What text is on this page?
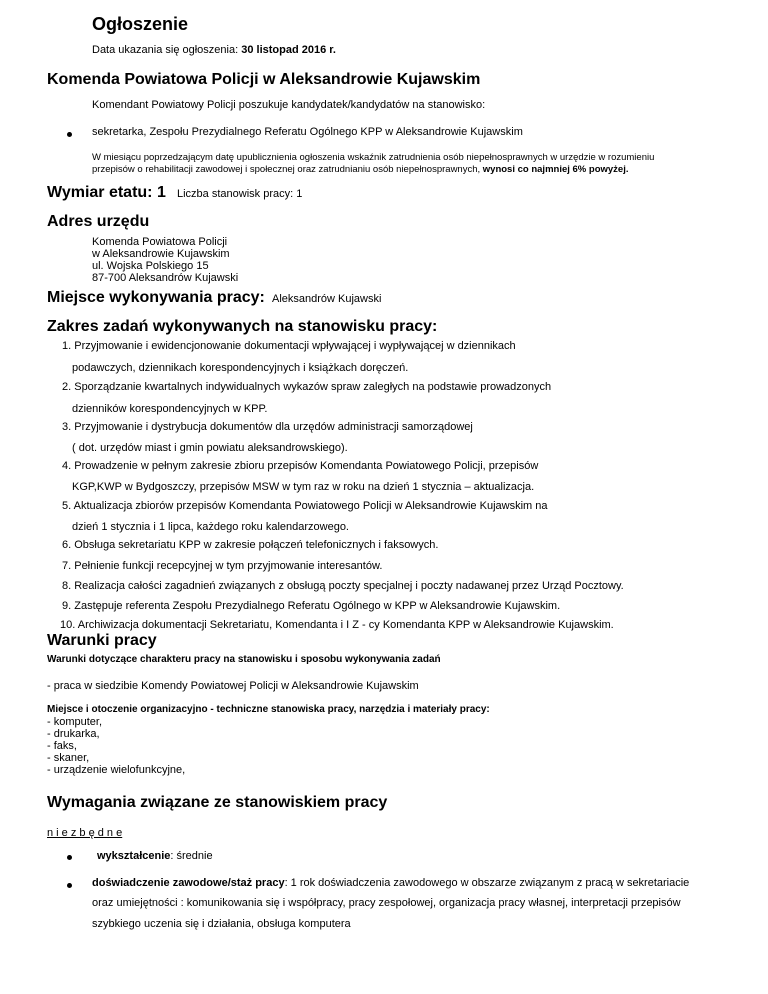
Ogłoszenie
Data ukazania się ogłoszenia: 30 listopad 2016 r.
Komenda Powiatowa Policji w Aleksandrowie Kujawskim
Komendant Powiatowy Policji poszukuje kandydatek/kandydatów na stanowisko:
sekretarka, Zespołu Prezydialnego Referatu Ogólnego KPP w Aleksandrowie Kujawskim
W miesiącu poprzedzającym datę upublicznienia ogłoszenia wskaźnik zatrudnienia osób niepełnosprawnych w urzędzie w rozumieniu
przepisów o rehabilitacji zawodowej i społecznej oraz zatrudnianiu osób niepełnosprawnych, wynosi co najmniej 6% powyżej.
Wymiar etatu: 1 Liczba stanowisk pracy: 1
Adres urzędu
Komenda Powiatowa Policji
w Aleksandrowie Kujawskim
ul. Wojska Polskiego 15
87-700 Aleksandrów Kujawski
Miejsce wykonywania pracy: Aleksandrów Kujawski
Zakres zadań wykonywanych na stanowisku pracy:
1. Przyjmowanie i ewidencjonowanie dokumentacji wpływającej i wypływającej w dziennikach
podawczych, dziennikach korespondencyjnych i książkach doręczeń.
2. Sporządzanie kwartalnych indywidualnych wykazów spraw zaległych na podstawie prowadzonych
dzienników korespondencyjnych w KPP.
3. Przyjmowanie i dystrybucja dokumentów dla urzędów administracji samorządowej
( dot. urzędów miast i gmin powiatu aleksandrowskiego).
4. Prowadzenie w pełnym zakresie zbioru przepisów Komendanta Powiatowego Policji, przepisów
KGP,KWP w Bydgoszczy, przepisów MSW w tym raz w roku na dzień 1 stycznia – aktualizacja.
5. Aktualizacja zbiorów przepisów Komendanta Powiatowego Policji w Aleksandrowie Kujawskim na
dzień 1 stycznia i 1 lipca, każdego roku kalendarzowego.
6. Obsługa sekretariatu KPP w zakresie połączeń telefonicznych i faksowych.
7. Pełnienie funkcji recepcyjnej w tym przyjmowanie interesantów.
8. Realizacja całości zagadnień związanych z obsługą poczty specjalnej i poczty nadawanej przez Urząd Pocztowy.
9. Zastępuje referenta Zespołu Prezydialnego Referatu Ogólnego w KPP w Aleksandrowie Kujawskim.
10. Archiwizacja dokumentacji Sekretariatu, Komendanta i I Z - cy Komendanta KPP w Aleksandrowie Kujawskim.
Warunki pracy
Warunki dotyczące charakteru pracy na stanowisku i sposobu wykonywania zadań
- praca w siedzibie Komendy Powiatowej Policji w Aleksandrowie Kujawskim
Miejsce i otoczenie organizacyjno - techniczne stanowiska pracy, narzędzia i materiały pracy:
- komputer,
- drukarka,
- faks,
- skaner,
- urządzenie wielofunkcyjne,
Wymagania związane ze stanowiskiem pracy
n i e z b ę d n e
wykształcenie: średnie
doświadczenie zawodowe/staż pracy: 1 rok doświadczenia zawodowego w obszarze związanym z pracą w sekretariacie
oraz umiejętności : komunikowania się i współpracy, pracy zespołowej, organizacja pracy własnej, interpretacji przepisów
szybkiego uczenia się i działania, obsługa komputera
